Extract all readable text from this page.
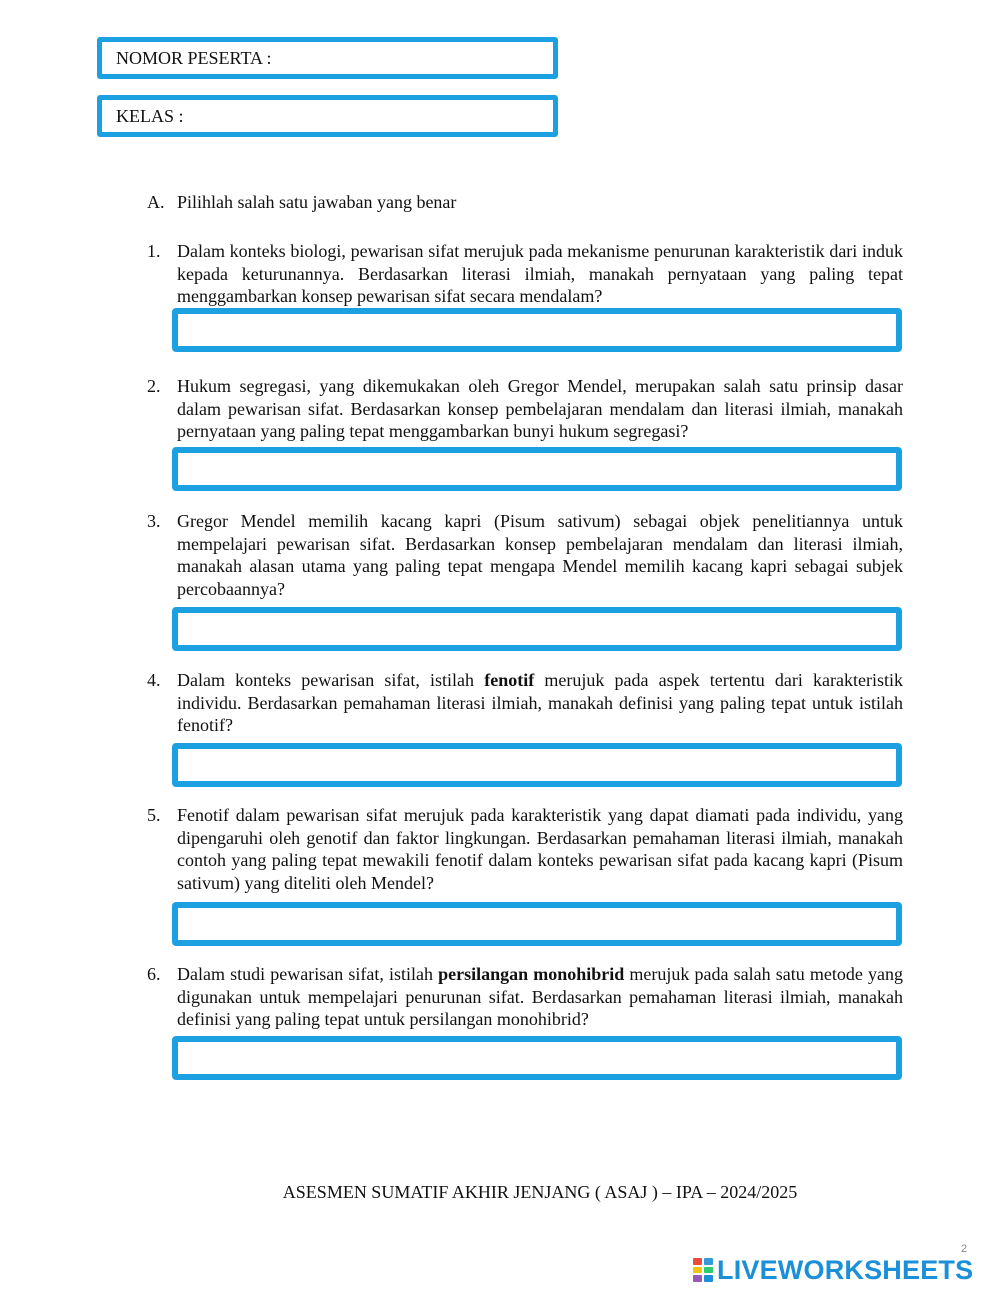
NOMOR PESERTA :
KELAS :
A. Pilihlah salah satu jawaban yang benar
1. Dalam konteks biologi, pewarisan sifat merujuk pada mekanisme penurunan karakteristik dari induk kepada keturunannya. Berdasarkan literasi ilmiah, manakah pernyataan yang paling tepat menggambarkan konsep pewarisan sifat secara mendalam?
2. Hukum segregasi, yang dikemukakan oleh Gregor Mendel, merupakan salah satu prinsip dasar dalam pewarisan sifat. Berdasarkan konsep pembelajaran mendalam dan literasi ilmiah, manakah pernyataan yang paling tepat menggambarkan bunyi hukum segregasi?
3. Gregor Mendel memilih kacang kapri (Pisum sativum) sebagai objek penelitiannya untuk mempelajari pewarisan sifat. Berdasarkan konsep pembelajaran mendalam dan literasi ilmiah, manakah alasan utama yang paling tepat mengapa Mendel memilih kacang kapri sebagai subjek percobaannya?
4. Dalam konteks pewarisan sifat, istilah fenotif merujuk pada aspek tertentu dari karakteristik individu. Berdasarkan pemahaman literasi ilmiah, manakah definisi yang paling tepat untuk istilah fenotif?
5. Fenotif dalam pewarisan sifat merujuk pada karakteristik yang dapat diamati pada individu, yang dipengaruhi oleh genotif dan faktor lingkungan. Berdasarkan pemahaman literasi ilmiah, manakah contoh yang paling tepat mewakili fenotif dalam konteks pewarisan sifat pada kacang kapri (Pisum sativum) yang diteliti oleh Mendel?
6. Dalam studi pewarisan sifat, istilah persilangan monohibrid merujuk pada salah satu metode yang digunakan untuk mempelajari penurunan sifat. Berdasarkan pemahaman literasi ilmiah, manakah definisi yang paling tepat untuk persilangan monohibrid?
ASESMEN SUMATIF AKHIR JENJANG ( ASAJ ) – IPA – 2024/2025
2
LIVEWORKSHEETS
